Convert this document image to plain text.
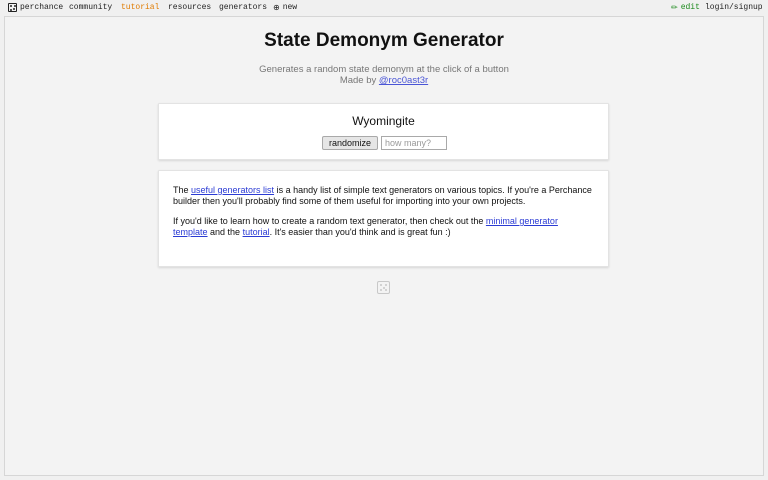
perchance community tutorial resources generators ⊕ new	✏ edit login/signup
State Demonym Generator
Generates a random state demonym at the click of a button
Made by @roc0ast3r
Wyomingite
randomize
how many?

The useful generators list is a handy list of simple text generators on various topics. If you're a Perchance builder then you'll probably find some of them useful for importing into your own projects.

If you'd like to learn how to create a random text generator, then check out the minimal generator template and the tutorial. It's easier than you'd think and is great fun :)
